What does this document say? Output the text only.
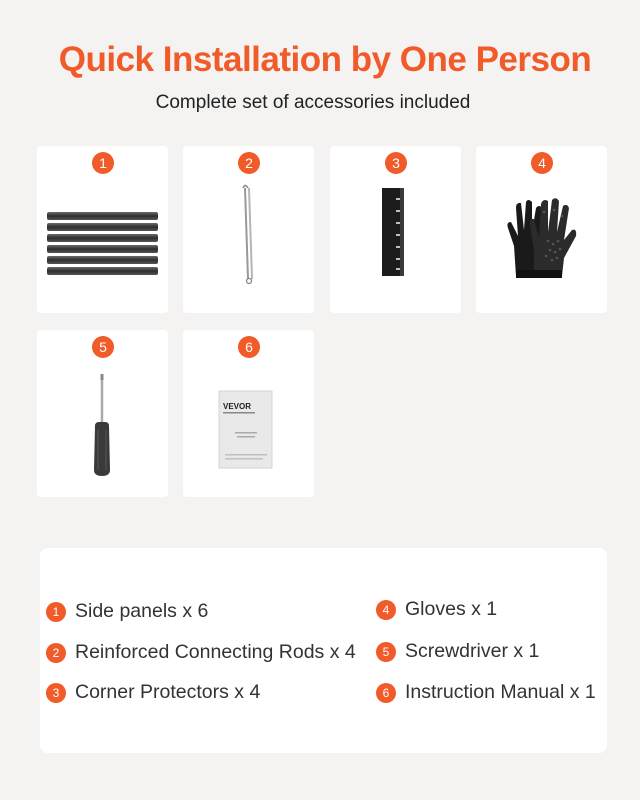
Quick Installation by One Person
Complete set of accessories included
1	2	3	4
5	6
VEVOR
1 Side panels x 6
2 Reinforced Connecting Rods x 4
3 Corner Protectors x 4
4 Gloves x 1
5 Screwdriver x 1
6 Instruction Manual x 1
